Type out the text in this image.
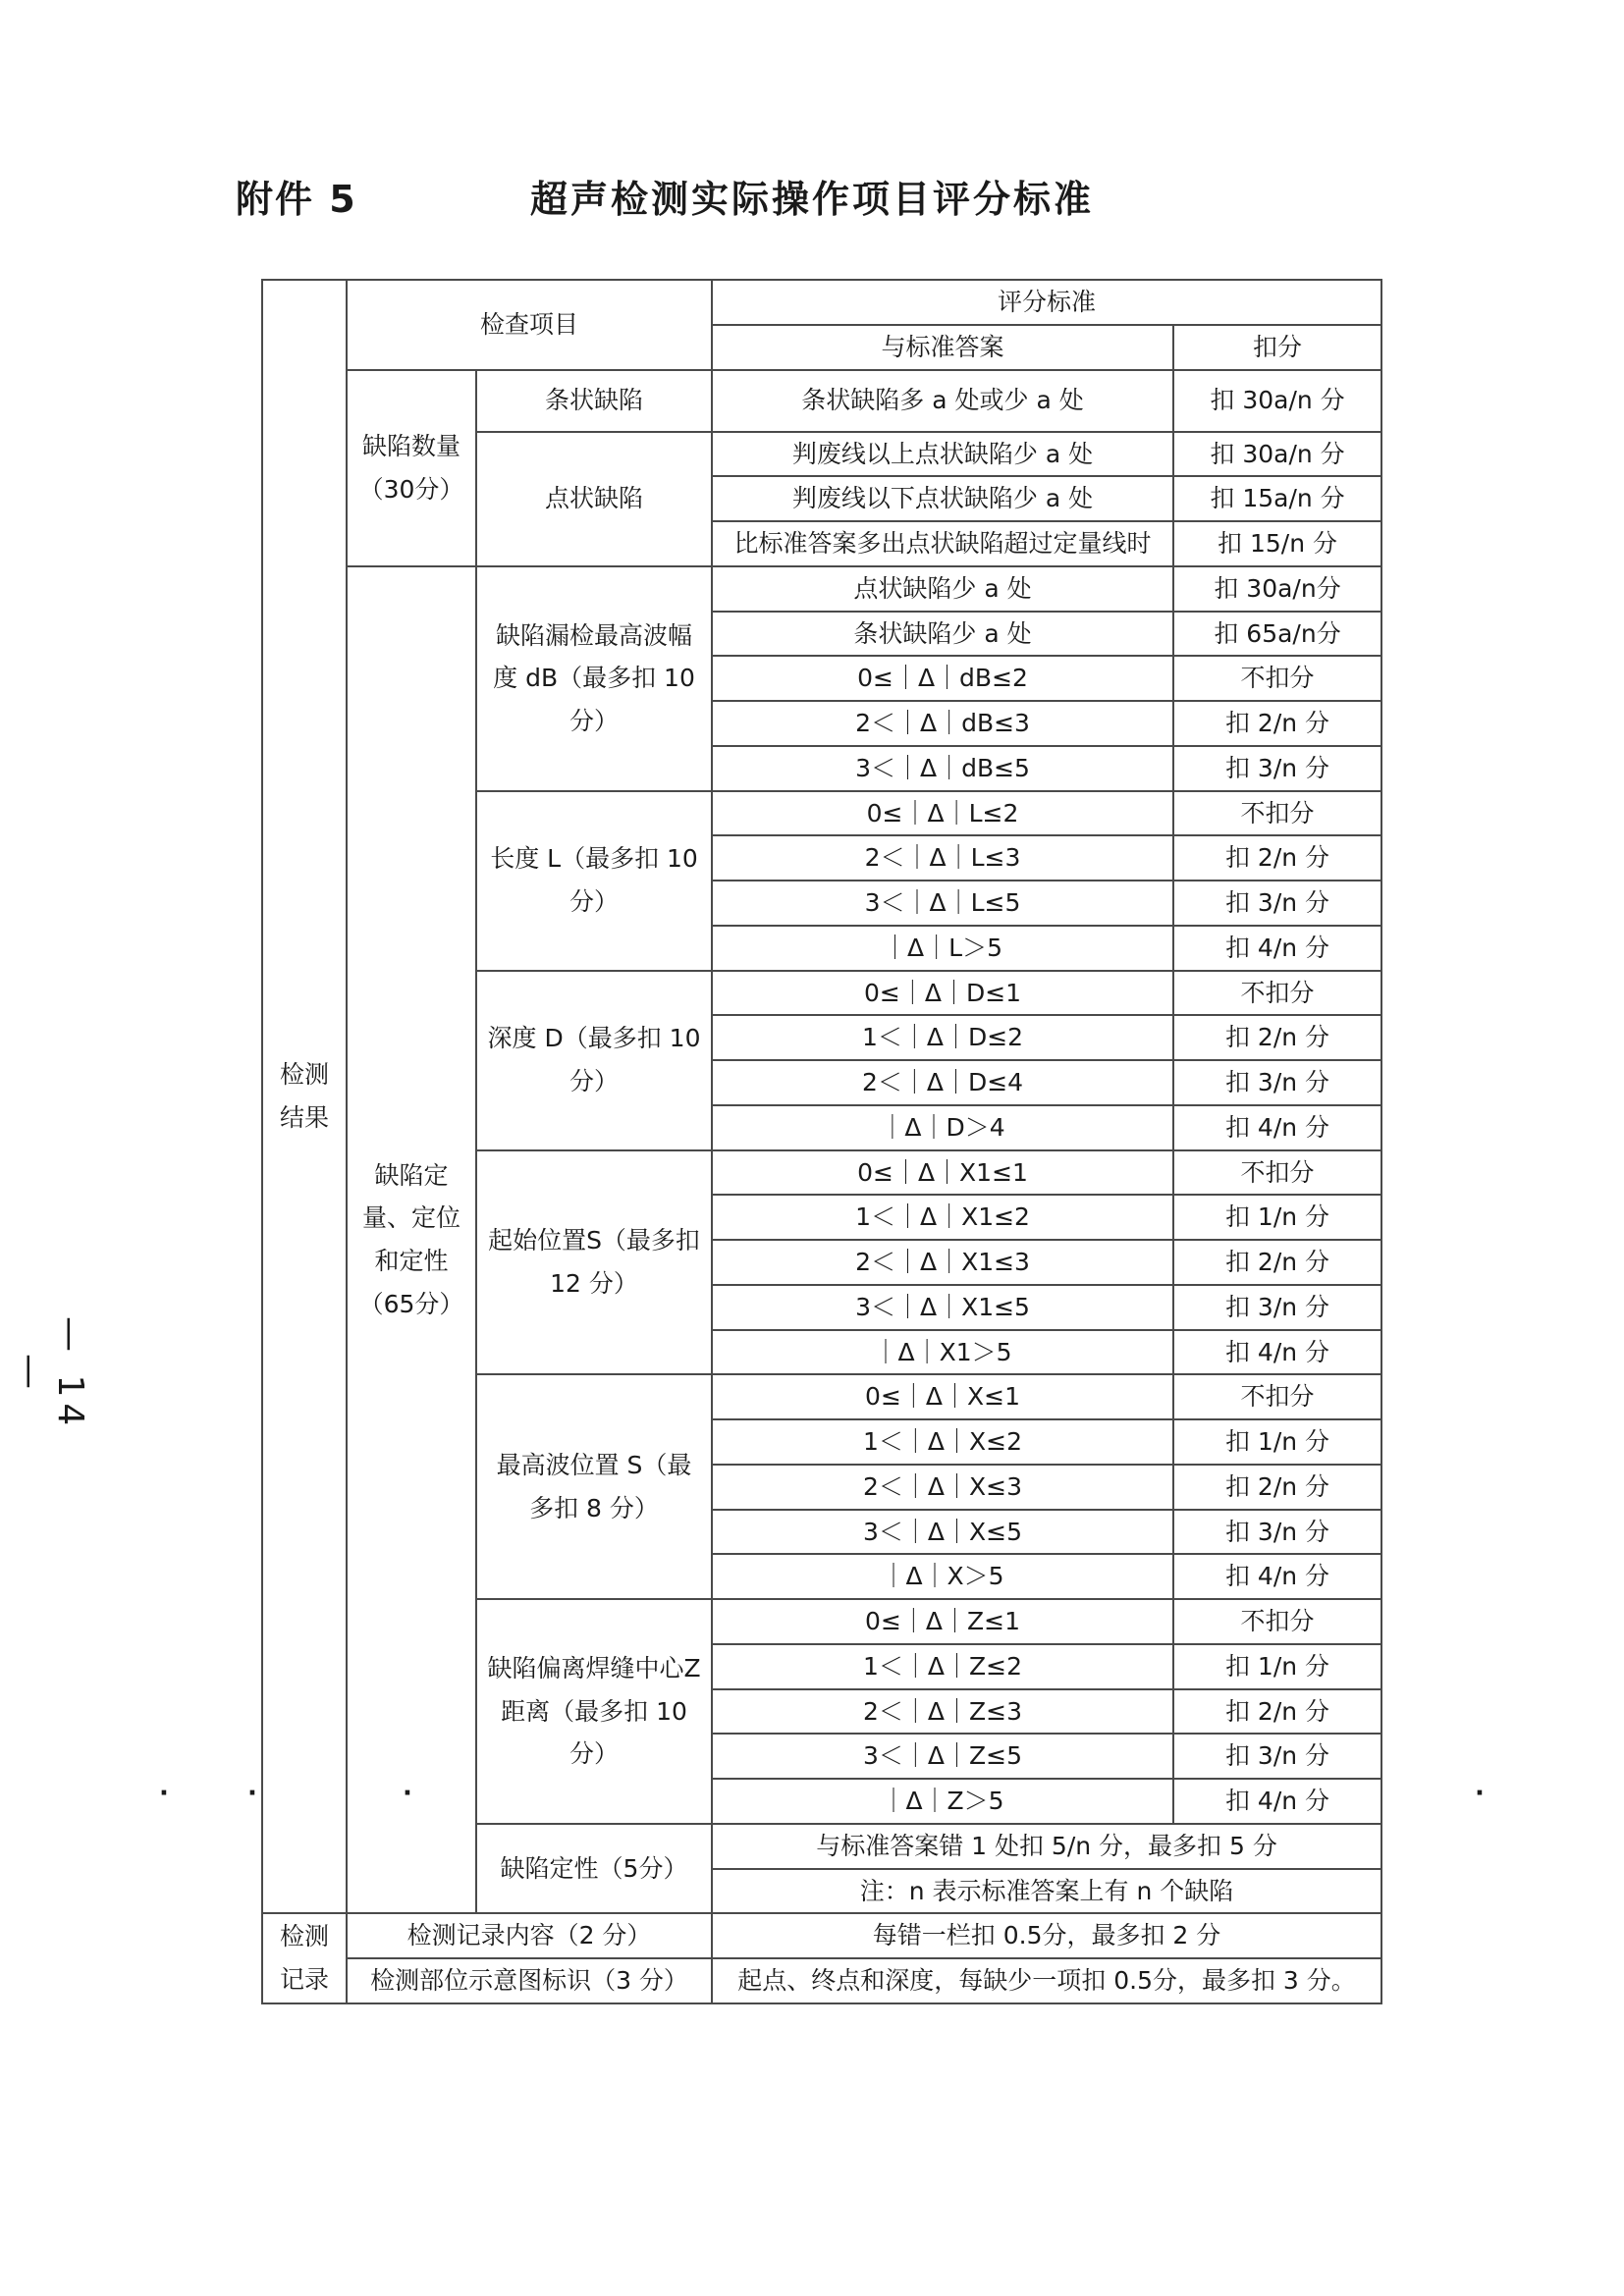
附件 5	超声检测实际操作项目评分标准
检测结果	检查项目		评分标准	
			与标准答案	扣分
	缺陷数量（30分）	条状缺陷	条状缺陷多 a 处或少 a 处	扣 30a/n 分
		点状缺陷	判废线以上点状缺陷少 a 处	扣 30a/n 分
			判废线以下点状缺陷少 a 处	扣 15a/n 分
			比标准答案多出点状缺陷超过定量线时	扣 15/n 分
	缺陷定量、定位和定性（65分）	缺陷漏检最高波幅度 dB（最多扣 10 分）	点状缺陷少 a 处	扣 30a/n分
			条状缺陷少 a 处	扣 65a/n分
			0≤｜Δ｜dB≤2	不扣分
			2＜｜Δ｜dB≤3	扣 2/n 分
			3＜｜Δ｜dB≤5	扣 3/n 分
		长度 L（最多扣 10 分）	0≤｜Δ｜L≤2	不扣分
			2＜｜Δ｜L≤3	扣 2/n 分
			3＜｜Δ｜L≤5	扣 3/n 分
			｜Δ｜L＞5	扣 4/n 分
		深度 D（最多扣 10 分）	0≤｜Δ｜D≤1	不扣分
			1＜｜Δ｜D≤2	扣 2/n 分
			2＜｜Δ｜D≤4	扣 3/n 分
			｜Δ｜D＞4	扣 4/n 分
		起始位置S（最多扣 12 分）	0≤｜Δ｜X1≤1	不扣分
			1＜｜Δ｜X1≤2	扣 1/n 分
			2＜｜Δ｜X1≤3	扣 2/n 分
			3＜｜Δ｜X1≤5	扣 3/n 分
			｜Δ｜X1＞5	扣 4/n 分
		最高波位置 S（最多扣 8 分）	0≤｜Δ｜X≤1	不扣分
			1＜｜Δ｜X≤2	扣 1/n 分
			2＜｜Δ｜X≤3	扣 2/n 分
			3＜｜Δ｜X≤5	扣 3/n 分
			｜Δ｜X＞5	扣 4/n 分
		缺陷偏离焊缝中心Z距离（最多扣 10 分）	0≤｜Δ｜Z≤1	不扣分
			1＜｜Δ｜Z≤2	扣 1/n 分
			2＜｜Δ｜Z≤3	扣 2/n 分
			3＜｜Δ｜Z≤5	扣 3/n 分
			｜Δ｜Z＞5	扣 4/n 分
		缺陷定性（5分）	与标准答案错 1 处扣 5/n 分，最多扣 5 分	
			注：n 表示标准答案上有 n 个缺陷	
检测记录	检测记录内容（2 分）		每错一栏扣 0.5分，最多扣 2 分	
	检测部位示意图标识（3 分）		起点、终点和深度，每缺少一项扣 0.5分，最多扣 3 分。	
— 14 —
·	·	·	·
